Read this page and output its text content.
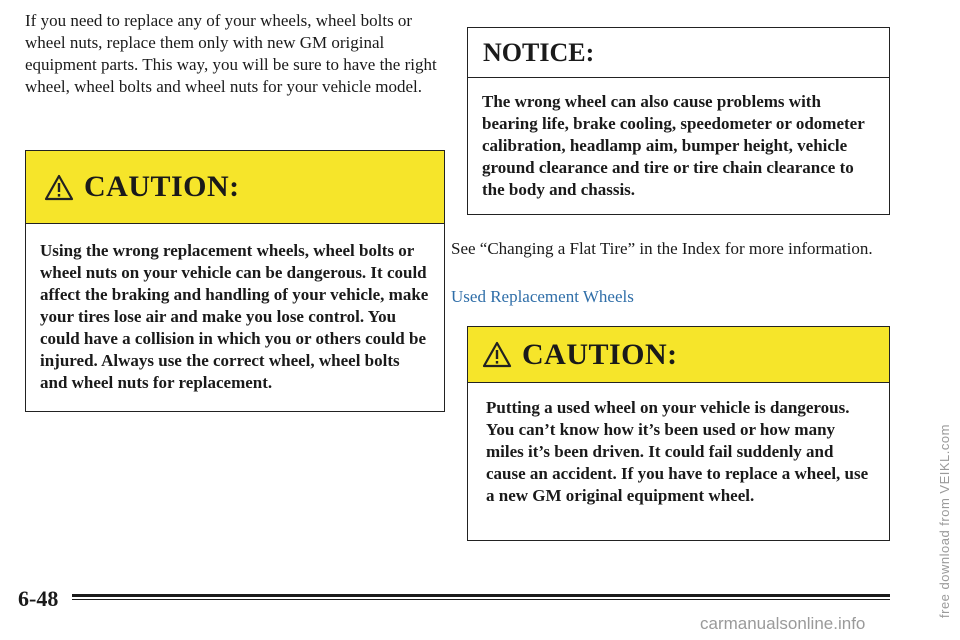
If you need to replace any of your wheels, wheel bolts or wheel nuts, replace them only with new GM original equipment parts. This way, you will be sure to have the right wheel, wheel bolts and wheel nuts for your vehicle model.

CAUTION:
Using the wrong replacement wheels, wheel bolts or wheel nuts on your vehicle can be dangerous. It could affect the braking and handling of your vehicle, make your tires lose air and make you lose control. You could have a collision in which you or others could be injured. Always use the correct wheel, wheel bolts and wheel nuts for replacement.
NOTICE:
The wrong wheel can also cause problems with bearing life, brake cooling, speedometer or odometer calibration, headlamp aim, bumper height, vehicle ground clearance and tire or tire chain clearance to the body and chassis.

See “Changing a Flat Tire” in the Index for more information.

Used Replacement Wheels
CAUTION:
Putting a used wheel on your vehicle is dangerous. You can’t know how it’s been used or how many miles it’s been driven. It could fail suddenly and cause an accident. If you have to replace a wheel, use a new GM original equipment wheel.
6-48	free download from VEIKL.com
carmanualsonline.info
